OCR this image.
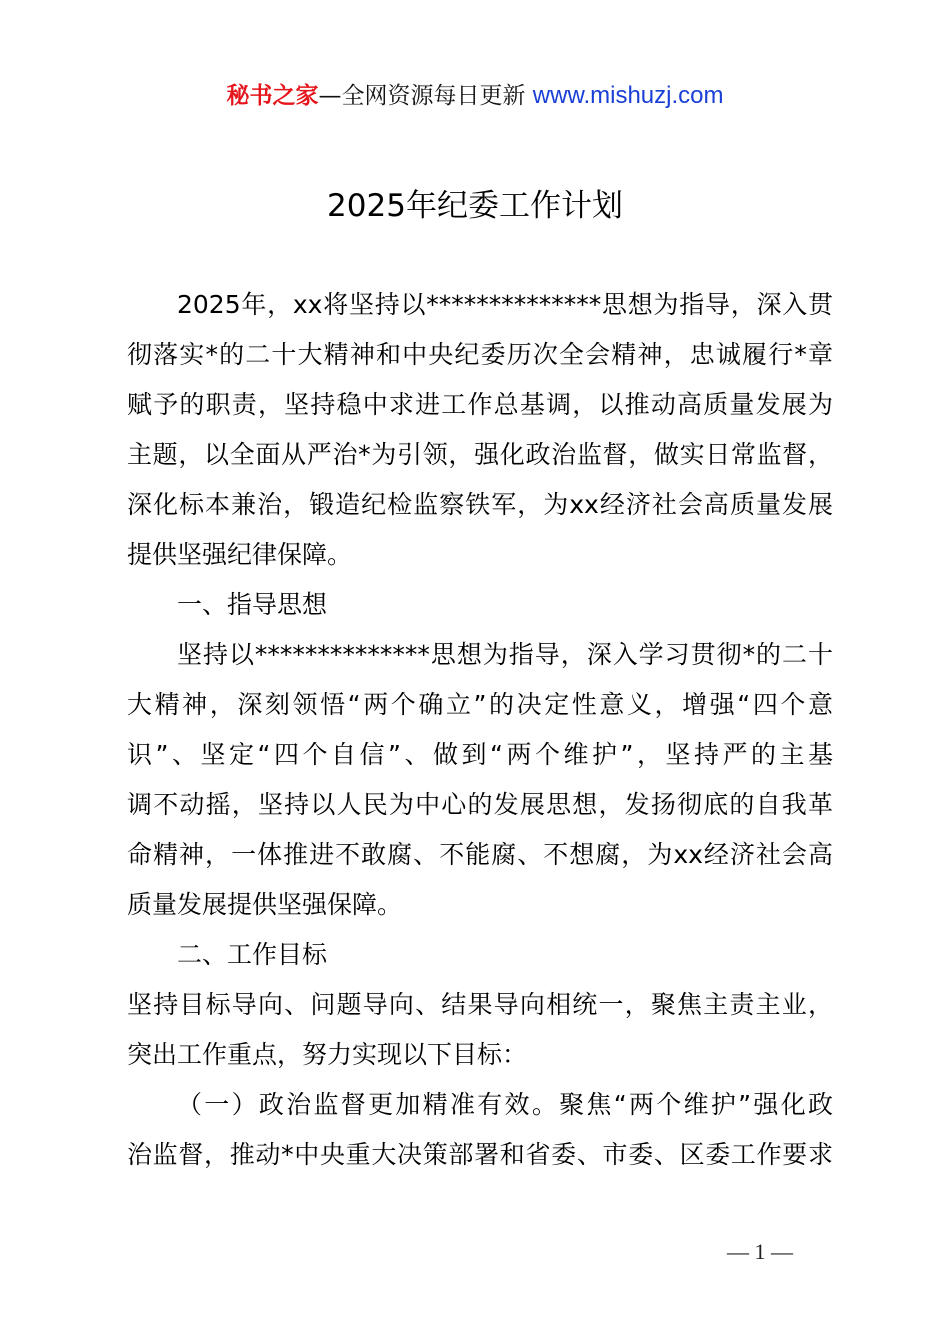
秘书之家—全网资源每日更新 www.mishuzj.com
2025年纪委工作计划
2025年，xx将坚持以**************思想为指导，深入贯
彻落实*的二十大精神和中央纪委历次全会精神，忠诚履行*章
赋予的职责，坚持稳中求进工作总基调，以推动高质量发展为
主题，以全面从严治*为引领，强化政治监督，做实日常监督，
深化标本兼治，锻造纪检监察铁军，为xx经济社会高质量发展
提供坚强纪律保障。
一、指导思想
坚持以**************思想为指导，深入学习贯彻*的二十
大精神，深刻领悟“两个确立”的决定性意义，增强“四个意
识”、坚定“四个自信”、做到“两个维护”，坚持严的主基
调不动摇，坚持以人民为中心的发展思想，发扬彻底的自我革
命精神，一体推进不敢腐、不能腐、不想腐，为xx经济社会高
质量发展提供坚强保障。
二、工作目标
坚持目标导向、问题导向、结果导向相统一，聚焦主责主业，
突出工作重点，努力实现以下目标：
（一）政治监督更加精准有效。聚焦“两个维护”强化政
治监督，推动*中央重大决策部署和省委、市委、区委工作要求
— 1 —
